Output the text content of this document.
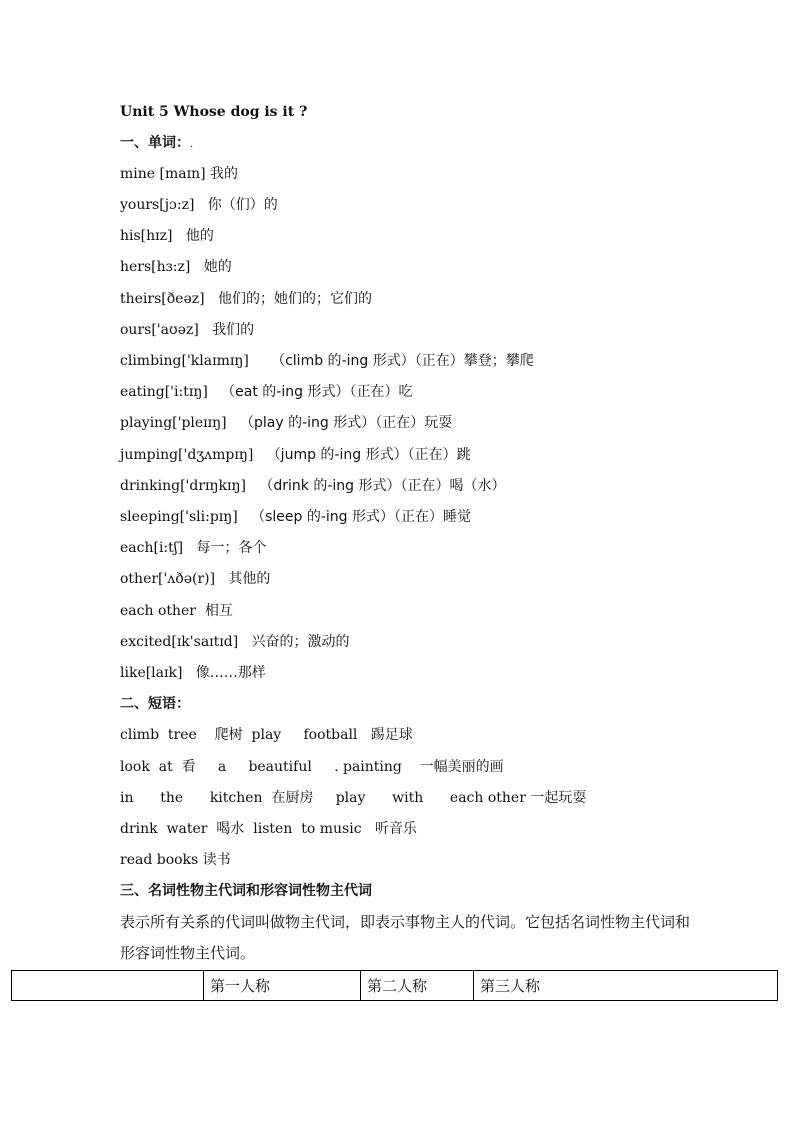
Unit 5 Whose dog is it ?
一、单词：.
mine [maɪn] 我的
yours[jɔ:z] 你（们）的
his[hɪz] 他的
hers[hɜ:z] 她的
theirs[ðeəz] 他们的；她们的；它们的
ours['aʊəz] 我们的
climbing['klaɪmɪŋ] （climb 的-ing 形式）（正在）攀登；攀爬
eating['i:tɪŋ] （eat 的-ing 形式）（正在）吃
playing['pleɪɪŋ] （play 的-ing 形式）（正在）玩耍
jumping['dʒʌmpɪŋ] （jump 的-ing 形式）（正在）跳
drinking['drɪŋkɪŋ] （drink 的-ing 形式）（正在）喝（水）
sleeping['sli:pɪŋ] （sleep 的-ing 形式）（正在）睡觉
each[i:tʃ] 每一；各个
other['ʌðə(r)] 其他的
each other 相互
excited[ɪk'saɪtɪd] 兴奋的；激动的
like[laɪk] 像……那样
二、短语：
climb  tree    爬树  play     football   踢足球
look  at  看     a     beautiful     . painting    一幅美丽的画
in      the      kitchen  在厨房     play      with      each other 一起玩耍
drink  water  喝水  listen  to music   听音乐
read books 读书
三、名词性物主代词和形容词性物主代词
表示所有关系的代词叫做物主代词，即表示事物主人的代词。它包括名词性物主代词和形容词性物主代词。
	第一人称	第二人称	第三人称
